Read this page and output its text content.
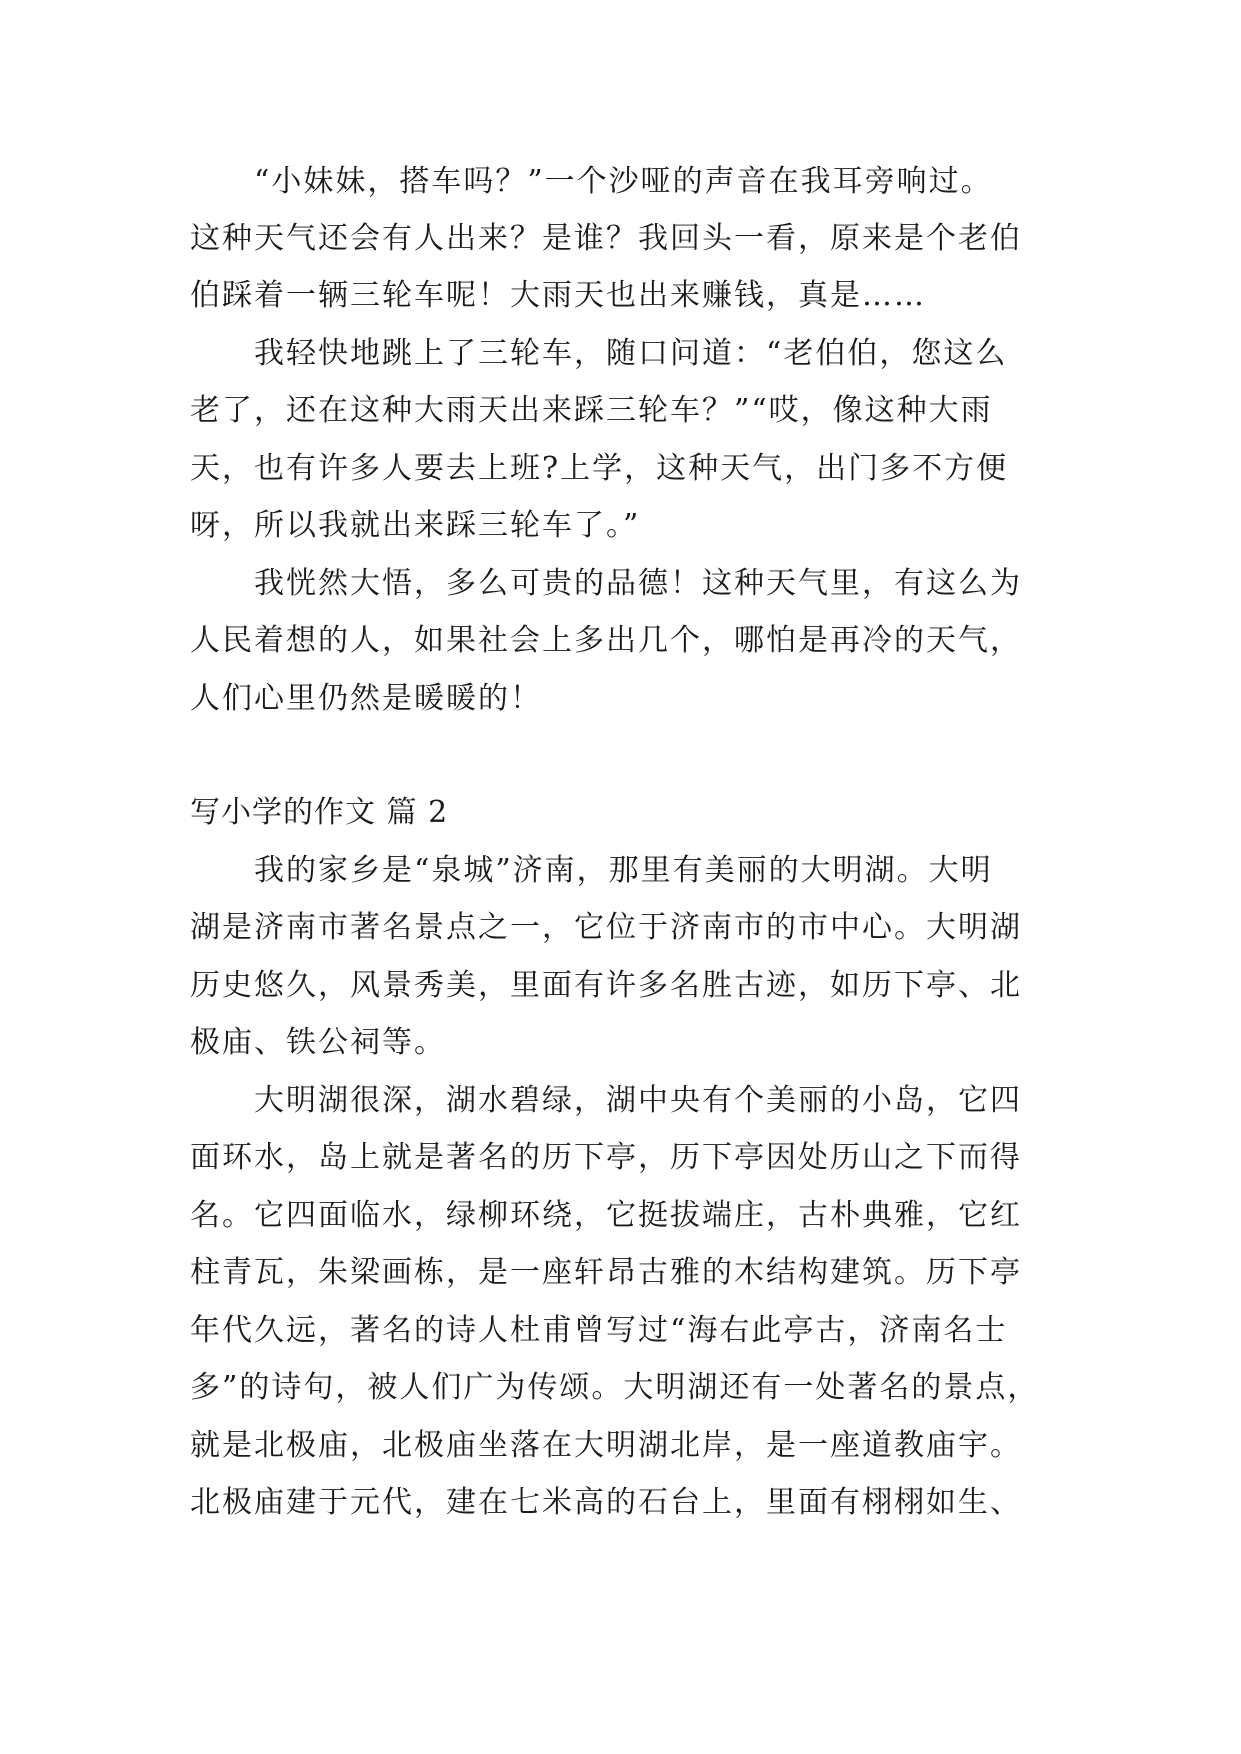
“小妹妹，搭车吗？”一个沙哑的声音在我耳旁响过。
这种天气还会有人出来？是谁？我回头一看，原来是个老伯
伯踩着一辆三轮车呢！大雨天也出来赚钱，真是……
我轻快地跳上了三轮车，随口问道：“老伯伯，您这么
老了，还在这种大雨天出来踩三轮车？”“哎，像这种大雨
天，也有许多人要去上班?上学，这种天气，出门多不方便
呀，所以我就出来踩三轮车了。”
我恍然大悟，多么可贵的品德！这种天气里，有这么为
人民着想的人，如果社会上多出几个，哪怕是再冷的天气，
人们心里仍然是暖暖的！
写小学的作文 篇 2
我的家乡是“泉城”济南，那里有美丽的大明湖。大明
湖是济南市著名景点之一，它位于济南市的市中心。大明湖
历史悠久，风景秀美，里面有许多名胜古迹，如历下亭、北
极庙、铁公祠等。
大明湖很深，湖水碧绿，湖中央有个美丽的小岛，它四
面环水，岛上就是著名的历下亭，历下亭因处历山之下而得
名。它四面临水，绿柳环绕，它挺拔端庄，古朴典雅，它红
柱青瓦，朱梁画栋，是一座轩昂古雅的木结构建筑。历下亭
年代久远，著名的诗人杜甫曾写过“海右此亭古，济南名士
多”的诗句，被人们广为传颂。大明湖还有一处著名的景点，
就是北极庙，北极庙坐落在大明湖北岸，是一座道教庙宇。
北极庙建于元代，建在七米高的石台上，里面有栩栩如生、
